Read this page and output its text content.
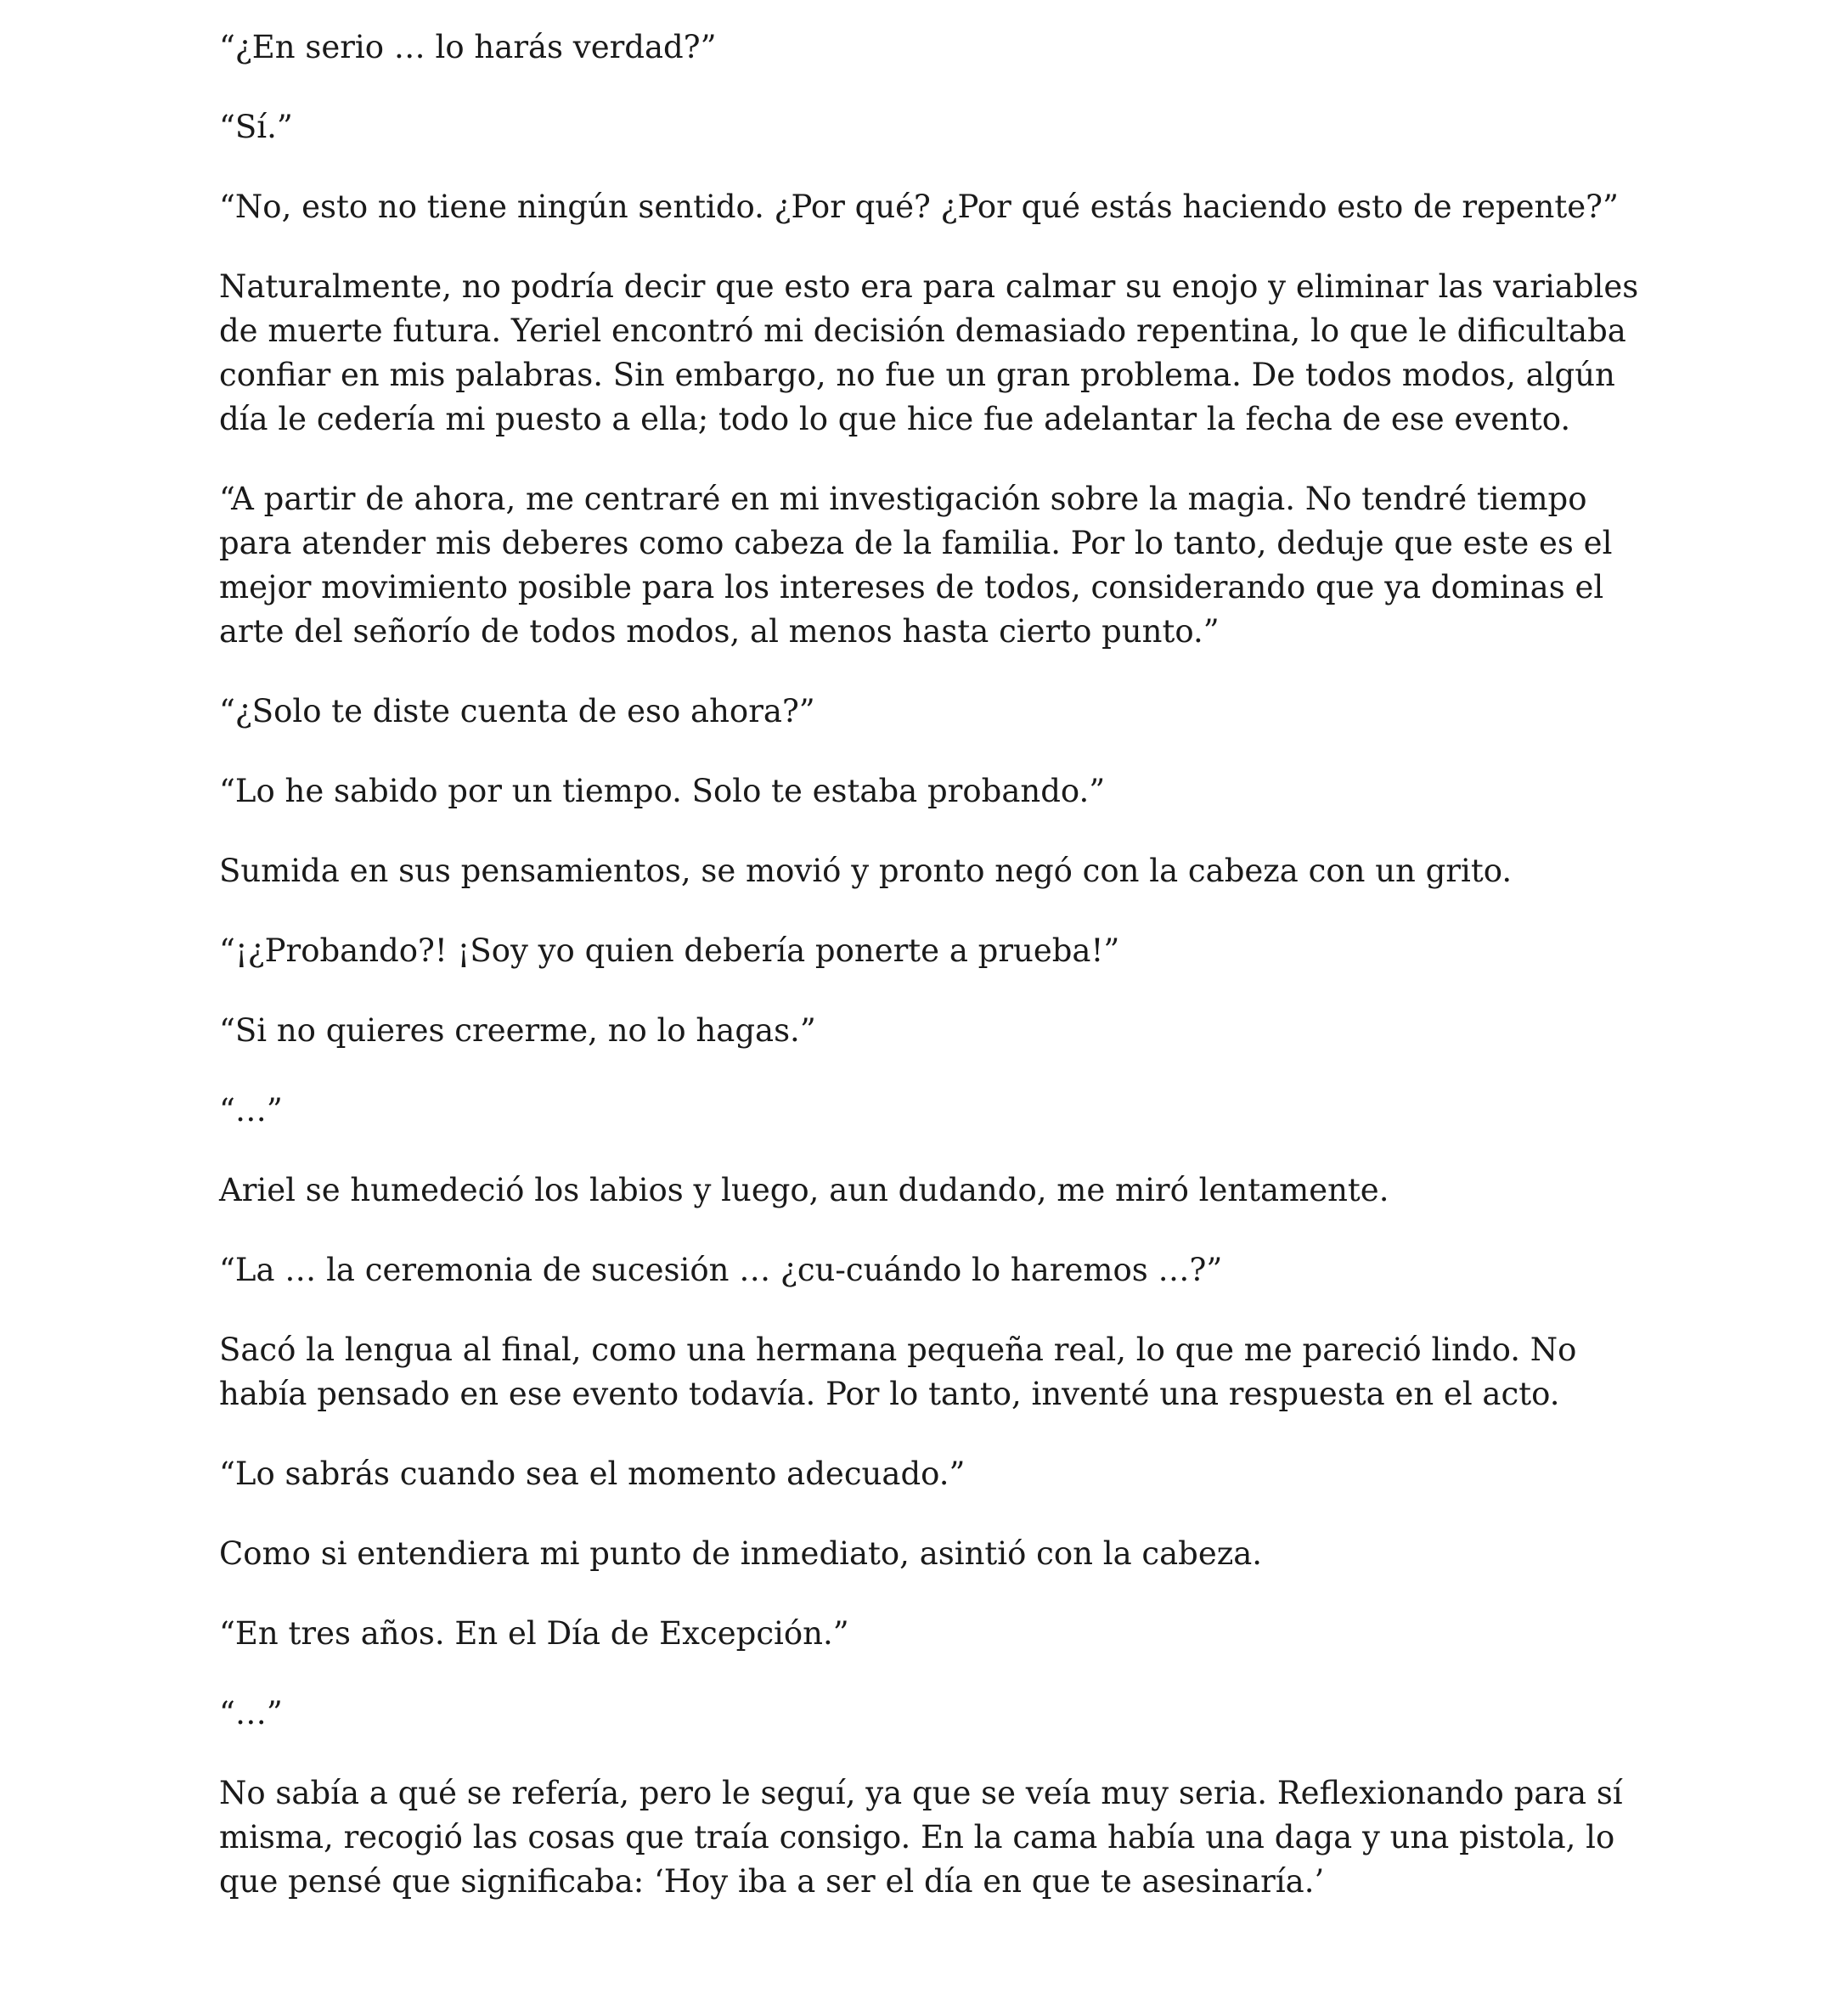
“¿En serio … lo harás verdad?”

“Sí.”

“No, esto no tiene ningún sentido. ¿Por qué? ¿Por qué estás haciendo esto de repente?”

Naturalmente, no podría decir que esto era para calmar su enojo y eliminar las variables de muerte futura. Yeriel encontró mi decisión demasiado repentina, lo que le dificultaba confiar en mis palabras. Sin embargo, no fue un gran problema. De todos modos, algún día le cedería mi puesto a ella; todo lo que hice fue adelantar la fecha de ese evento.

“A partir de ahora, me centraré en mi investigación sobre la magia. No tendré tiempo para atender mis deberes como cabeza de la familia. Por lo tanto, deduje que este es el mejor movimiento posible para los intereses de todos, considerando que ya dominas el arte del señorío de todos modos, al menos hasta cierto punto.”

“¿Solo te diste cuenta de eso ahora?”

“Lo he sabido por un tiempo. Solo te estaba probando.”

Sumida en sus pensamientos, se movió y pronto negó con la cabeza con un grito.

“¡¿Probando?! ¡Soy yo quien debería ponerte a prueba!”

“Si no quieres creerme, no lo hagas.”

“…”

Ariel se humedeció los labios y luego, aun dudando, me miró lentamente.

“La … la ceremonia de sucesión … ¿cu-cuándo lo haremos …?”

Sacó la lengua al final, como una hermana pequeña real, lo que me pareció lindo. No había pensado en ese evento todavía. Por lo tanto, inventé una respuesta en el acto.

“Lo sabrás cuando sea el momento adecuado.”

Como si entendiera mi punto de inmediato, asintió con la cabeza.

“En tres años. En el Día de Excepción.”

“…”

No sabía a qué se refería, pero le seguí, ya que se veía muy seria. Reflexionando para sí misma, recogió las cosas que traía consigo. En la cama había una daga y una pistola, lo que pensé que significaba: ‘Hoy iba a ser el día en que te asesinaría.’
